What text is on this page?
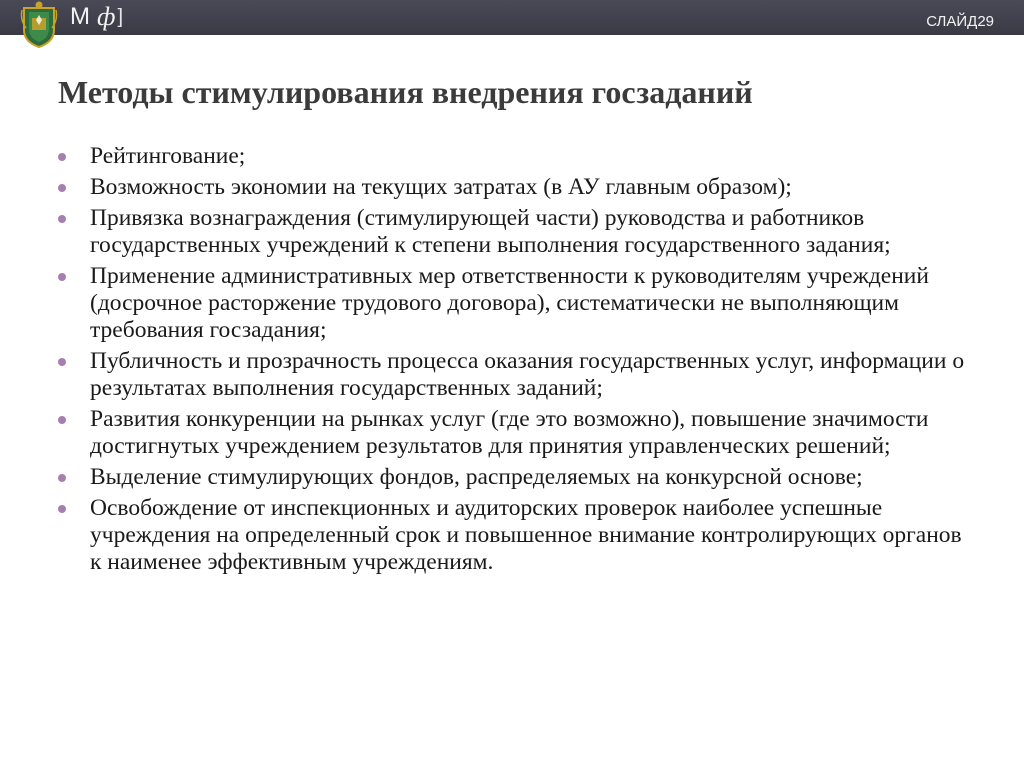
М ф ]	СЛАЙД 29
Методы стимулирования внедрения госзаданий
Рейтингование;
Возможность экономии на текущих затратах (в АУ главным образом);
Привязка вознаграждения (стимулирующей части) руководства и работников государственных учреждений к степени выполнения государственного задания;
Применение административных мер ответственности к руководителям учреждений (досрочное расторжение трудового договора), систематически не выполняющим требования госзадания;
Публичность и прозрачность процесса оказания государственных услуг, информации о результатах выполнения государственных заданий;
Развития конкуренции на рынках услуг (где это возможно), повышение значимости достигнутых учреждением результатов для принятия управленческих решений;
Выделение стимулирующих фондов, распределяемых на конкурсной основе;
Освобождение от инспекционных и аудиторских проверок наиболее успешные учреждения на определенный срок и повышенное внимание контролирующих органов к наименее эффективным учреждениям.
